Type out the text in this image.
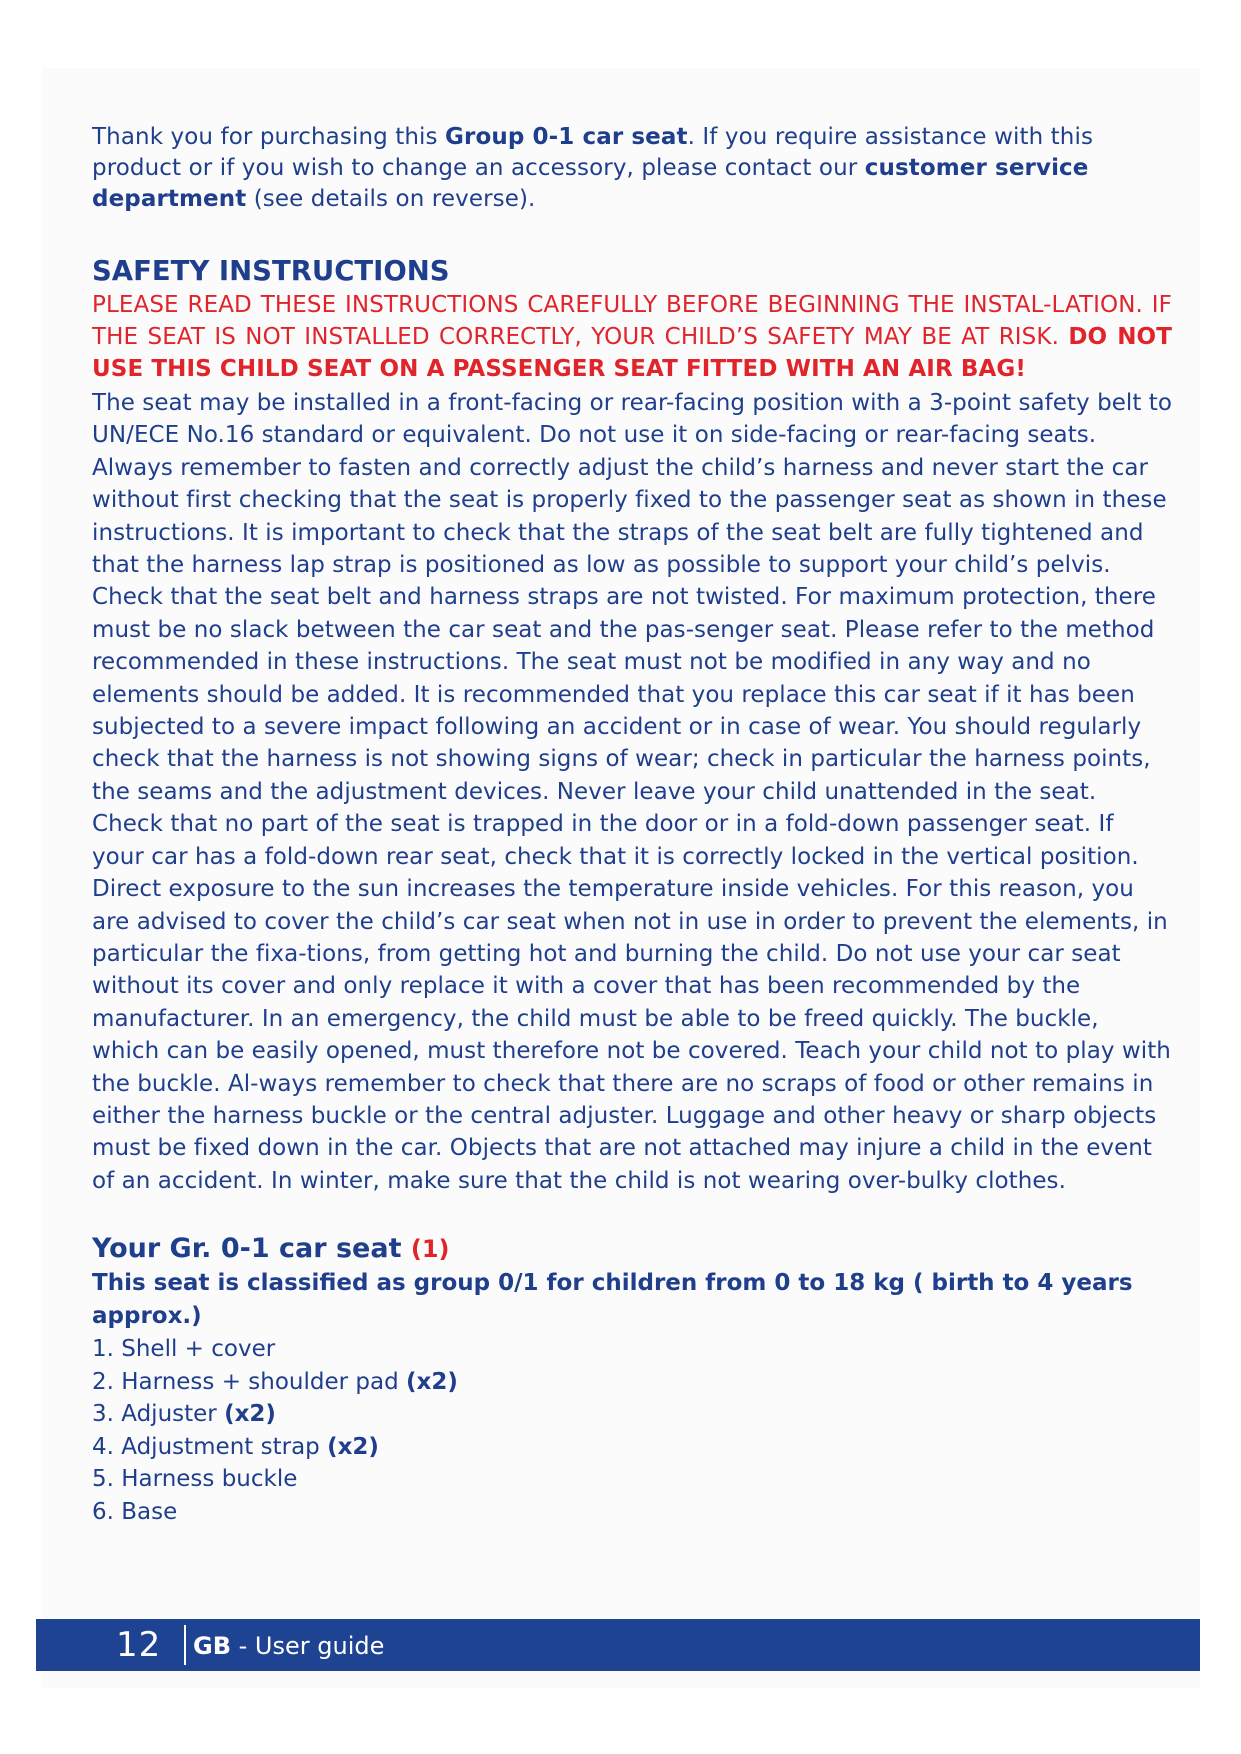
Thank you for purchasing this Group 0-1 car seat. If you require assistance with this product or if you wish to change an accessory, please contact our customer service department (see details on reverse).

SAFETY INSTRUCTIONS

PLEASE READ THESE INSTRUCTIONS CAREFULLY BEFORE BEGINNING THE INSTAL-LATION. IF THE SEAT IS NOT INSTALLED CORRECTLY, YOUR CHILD’S SAFETY MAY BE AT RISK. DO NOT USE THIS CHILD SEAT ON A PASSENGER SEAT FITTED WITH AN AIR BAG!

The seat may be installed in a front-facing or rear-facing position with a 3-point safety belt to UN/ECE No.16 standard or equivalent. Do not use it on side-facing or rear-facing seats. Always remember to fasten and correctly adjust the child’s harness and never start the car without first checking that the seat is properly fixed to the passenger seat as shown in these instructions. It is important to check that the straps of the seat belt are fully tightened and that the harness lap strap is positioned as low as possible to support your child’s pelvis. Check that the seat belt and harness straps are not twisted. For maximum protection, there must be no slack between the car seat and the pas-senger seat. Please refer to the method recommended in these instructions. The seat must not be modified in any way and no elements should be added. It is recommended that you replace this car seat if it has been subjected to a severe impact following an accident or in case of wear. You should regularly check that the harness is not showing signs of wear; check in particular the harness points, the seams and the adjustment devices. Never leave your child unattended in the seat. Check that no part of the seat is trapped in the door or in a fold-down passenger seat. If your car has a fold-down rear seat, check that it is correctly locked in the vertical position. Direct exposure to the sun increases the temperature inside vehicles. For this reason, you are advised to cover the child’s car seat when not in use in order to prevent the elements, in particular the fixa-tions, from getting hot and burning the child. Do not use your car seat without its cover and only replace it with a cover that has been recommended by the manufacturer. In an emergency, the child must be able to be freed quickly. The buckle, which can be easily opened, must therefore not be covered. Teach your child not to play with the buckle. Al-ways remember to check that there are no scraps of food or other remains in either the harness buckle or the central adjuster. Luggage and other heavy or sharp objects must be fixed down in the car. Objects that are not attached may injure a child in the event of an accident. In winter, make sure that the child is not wearing over-bulky clothes.

Your Gr. 0-1 car seat (1)

This seat is classified as group 0/1 for children from 0 to 18 kg ( birth to 4 years approx.)

1. Shell + cover
2. Harness + shoulder pad (x2)
3. Adjuster (x2)
4. Adjustment strap (x2)
5. Harness buckle
6. Base
12 GB - User guide
